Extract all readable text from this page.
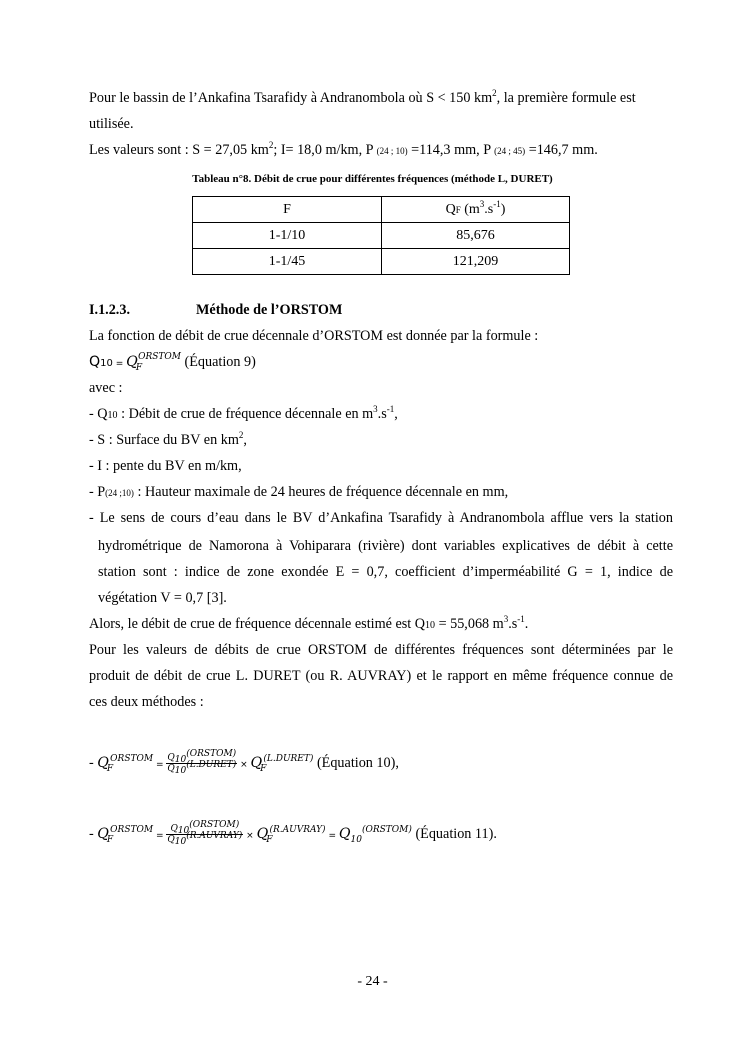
Pour le bassin de l’Ankafina Tsarafidy à Andranombola où S < 150 $km^2$, la première formule est
utilisée.
Les valeurs sont : S = 27,05 $km^2$; I= 18,0 m/km, P (24 ; 10) =114,3 mm, P (24 ; 45) =146,7 mm.
Tableau n°8. Débit de crue pour différentes fréquences (méthode L, DURET)
F	QF $(m^3.s^{-1})$
1-1/10	85,676
1-1/45	121,209
I.1.2.3.	Méthode de l’ORSTOM
La fonction de débit de crue décennale d’ORSTOM est donnée par la formule :
$Q10 = Q_F^{ORSTOM}$ (Équation 9)
avec :
- Q10 : Débit de crue de fréquence décennale en $m^3.s^{-1}$,
- S : Surface du BV en $km^2$,
- I : pente du BV en m/km,
- P(24 ;10) : Hauteur maximale de 24 heures de fréquence décennale en mm,
- Le sens de cours d’eau dans le BV d’Ankafina Tsarafidy à Andranombola afflue vers la station
hydrométrique de Namorona à Vohiparara (rivière) dont variables explicatives de débit à cette
station sont : indice de zone exondée E = 0,7, coefficient d’imperméabilité G = 1, indice de
végétation V = 0,7 [3].
Alors, le débit de crue de fréquence décennale estimé est Q10 = 55,068 $m^3.s^{-1}$.
Pour les valeurs de débits de crue ORSTOM de différentes fréquences sont déterminées par le
produit de débit de crue L. DURET (ou R. AUVRAY) et le rapport en même fréquence connue de
ces deux méthodes :
- $Q_F^{ORSTOM} = \frac{\text{Q10(ORSTOM)}}{\text{Q10(L.DURET)}} \times Q_F^{(L.DURET)}$ (Équation 10),
- $Q_F^{ORSTOM} = \frac{\text{Q10(ORSTOM)}}{\text{Q10(R.AUVRAY)}} \times Q_F^{(R.AUVRAY)} = Q_{10}^{(ORSTOM)}$ (Équation 11).
- 24 -
